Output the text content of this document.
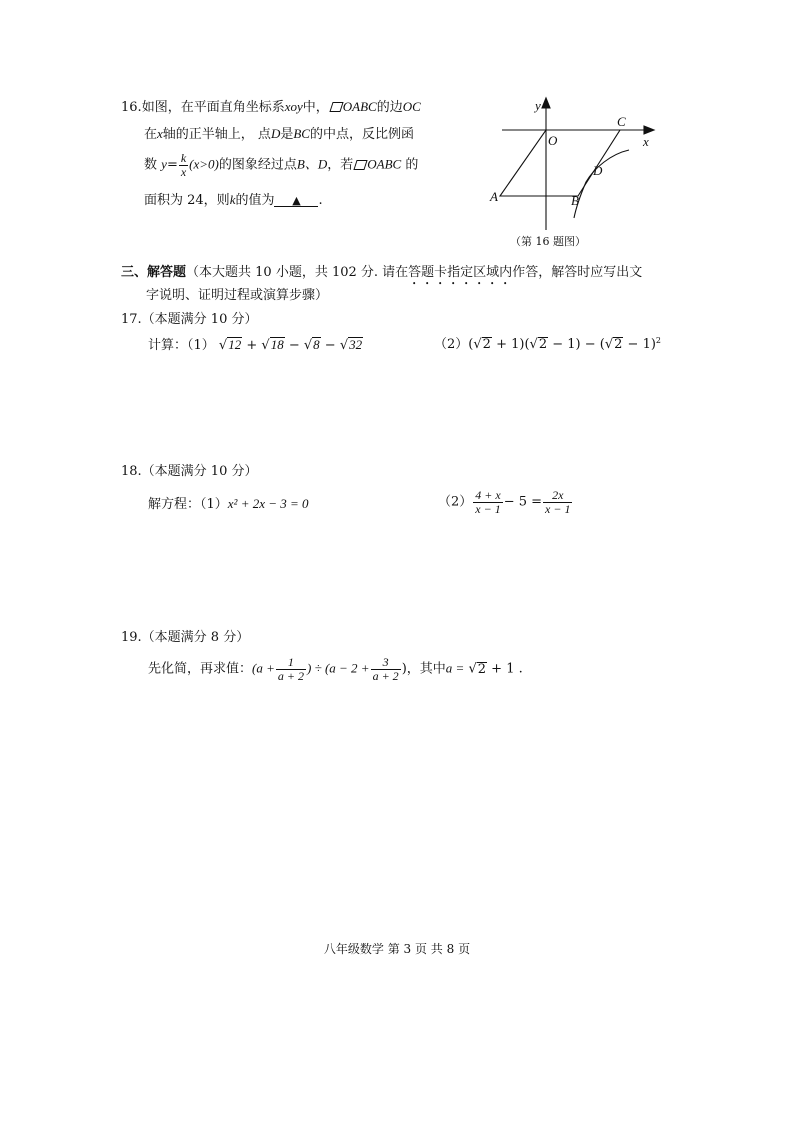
16.如图，在平面直角坐标系xoy中， OABC的边OC
在x轴的正半轴上， 点D是BC的中点，反比例函
数 $y= \frac{k}{x} (x>0)$的图象经过点B、D，若 OABC 的
面积为 24，则k的值为 ▲ .
y
x
O
C
D
A	B
（第 16 题图）
三、解答题（本大题共 10 小题，共 102 分. 请在答题卡指定区域内作答，解答时应写出文
字说明、证明过程或演算步骤）
17.（本题满分 10 分）
计算：（1） √12 + √18 − √8 − √32	$(2)(√2 + 1)(√2 - 1) - (√2 - 1)^2$
18.（本题满分 10 分）
解方程：（1）x² + 2x − 3 = 0	$(2) \frac{4 + x}{x - 1} - 5 = \frac{2x}{x - 1}$
19.（本题满分 8 分）
先化简，再求值：($a + \frac{1}{a + 2}$ ) ÷ ($a - 2 + \frac{3}{a + 2}$ )，其中a = √2 + 1 .
八年级数学 第 3 页 共 8 页
